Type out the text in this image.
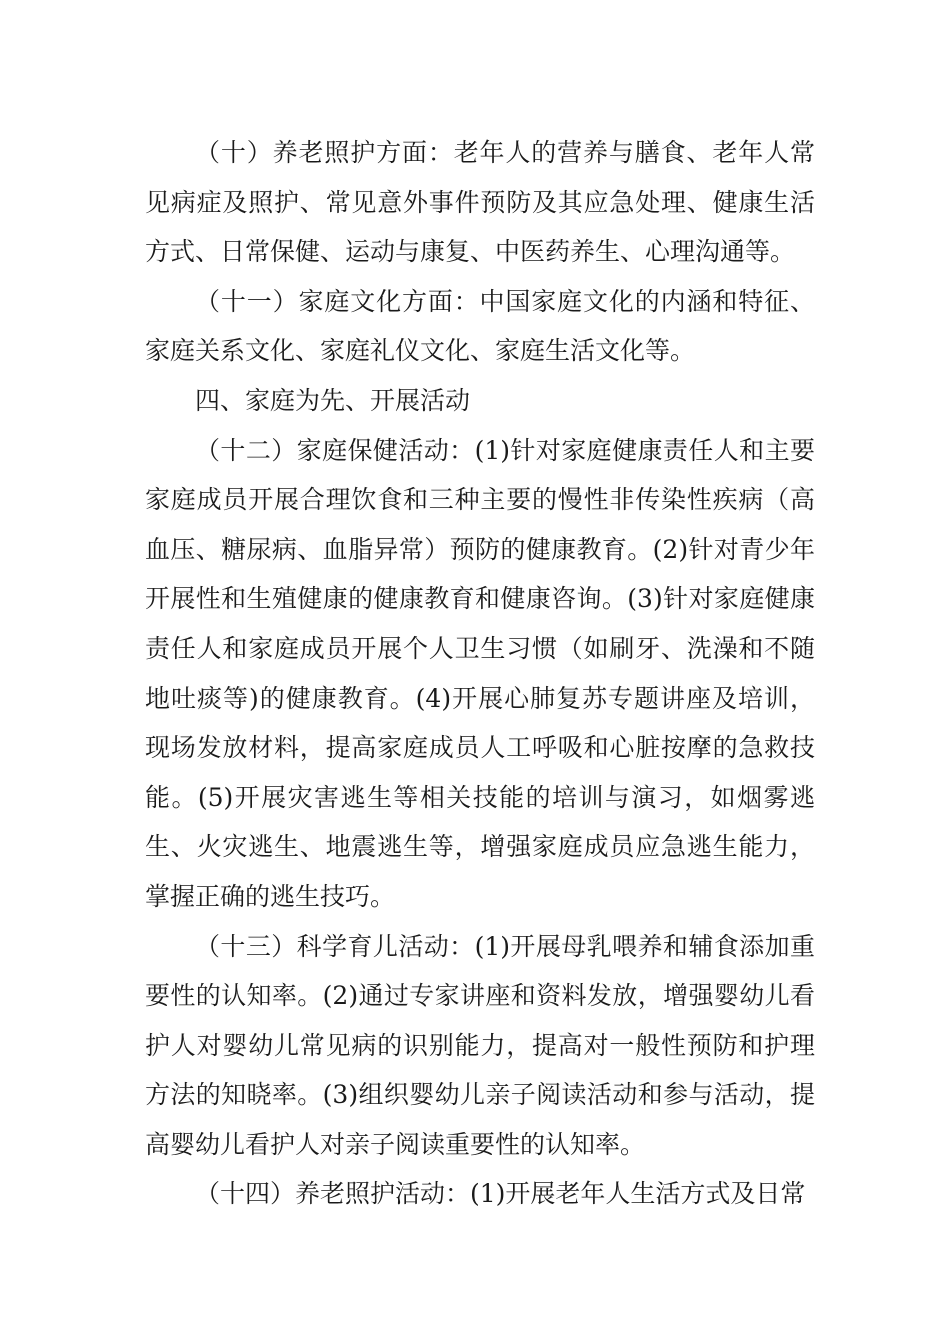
（十）养老照护方面：老年人的营养与膳食、老年人常见病症及照护、常见意外事件预防及其应急处理、健康生活方式、日常保健、运动与康复、中医药养生、心理沟通等。

（十一）家庭文化方面：中国家庭文化的内涵和特征、家庭关系文化、家庭礼仪文化、家庭生活文化等。

四、家庭为先、开展活动

（十二）家庭保健活动：(1)针对家庭健康责任人和主要家庭成员开展合理饮食和三种主要的慢性非传染性疾病（高血压、糖尿病、血脂异常）预防的健康教育。(2)针对青少年开展性和生殖健康的健康教育和健康咨询。(3)针对家庭健康责任人和家庭成员开展个人卫生习惯（如刷牙、洗澡和不随地吐痰等)的健康教育。(4)开展心肺复苏专题讲座及培训，现场发放材料，提高家庭成员人工呼吸和心脏按摩的急救技能。(5)开展灾害逃生等相关技能的培训与演习，如烟雾逃生、火灾逃生、地震逃生等，增强家庭成员应急逃生能力，掌握正确的逃生技巧。

（十三）科学育儿活动：(1)开展母乳喂养和辅食添加重要性的认知率。(2)通过专家讲座和资料发放，增强婴幼儿看护人对婴幼儿常见病的识别能力，提高对一般性预防和护理方法的知晓率。(3)组织婴幼儿亲子阅读活动和参与活动，提高婴幼儿看护人对亲子阅读重要性的认知率。

（十四）养老照护活动：(1)开展老年人生活方式及日常
